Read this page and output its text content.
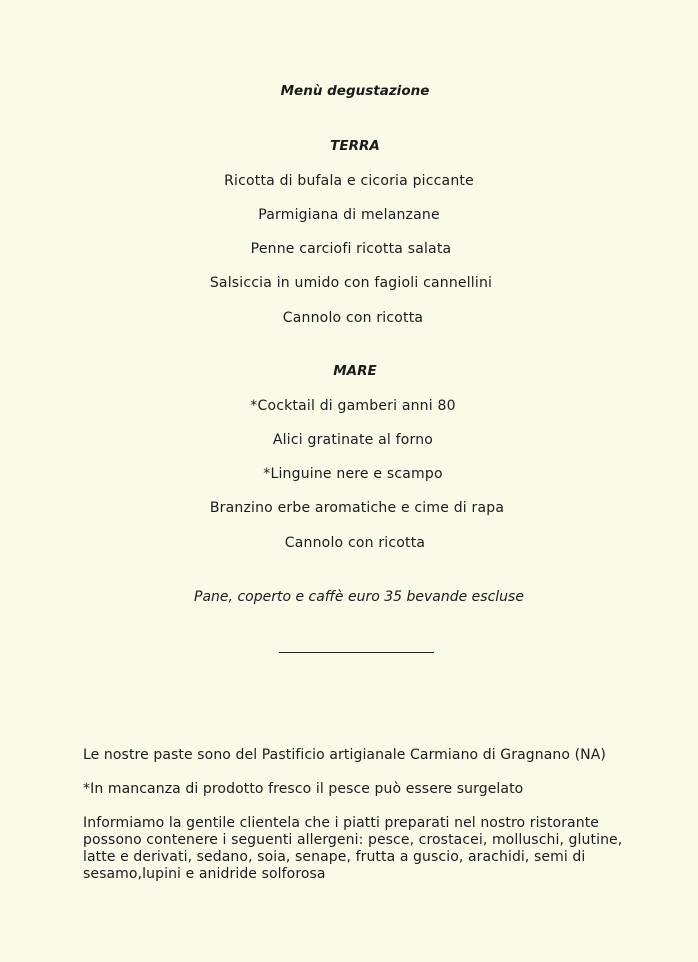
Menù degustazione
TERRA
Ricotta di bufala e cicoria piccante
Parmigiana di melanzane
Penne carciofi ricotta salata
Salsiccia in umido con fagioli cannellini
Cannolo con ricotta
MARE
*Cocktail di gamberi anni 80
Alici gratinate al forno
*Linguine nere e scampo
Branzino erbe aromatiche e cime di rapa
Cannolo con ricotta
Pane, coperto e caffè euro 35 bevande escluse
Le nostre paste sono del Pastificio artigianale Carmiano di Gragnano (NA)
*In mancanza di prodotto fresco il pesce può essere surgelato
Informiamo la gentile clientela che i piatti preparati nel nostro ristorante
possono contenere i seguenti allergeni: pesce, crostacei, molluschi, glutine,
latte e derivati, sedano, soia, senape, frutta a guscio, arachidi, semi di
sesamo,lupini e anidride solforosa
